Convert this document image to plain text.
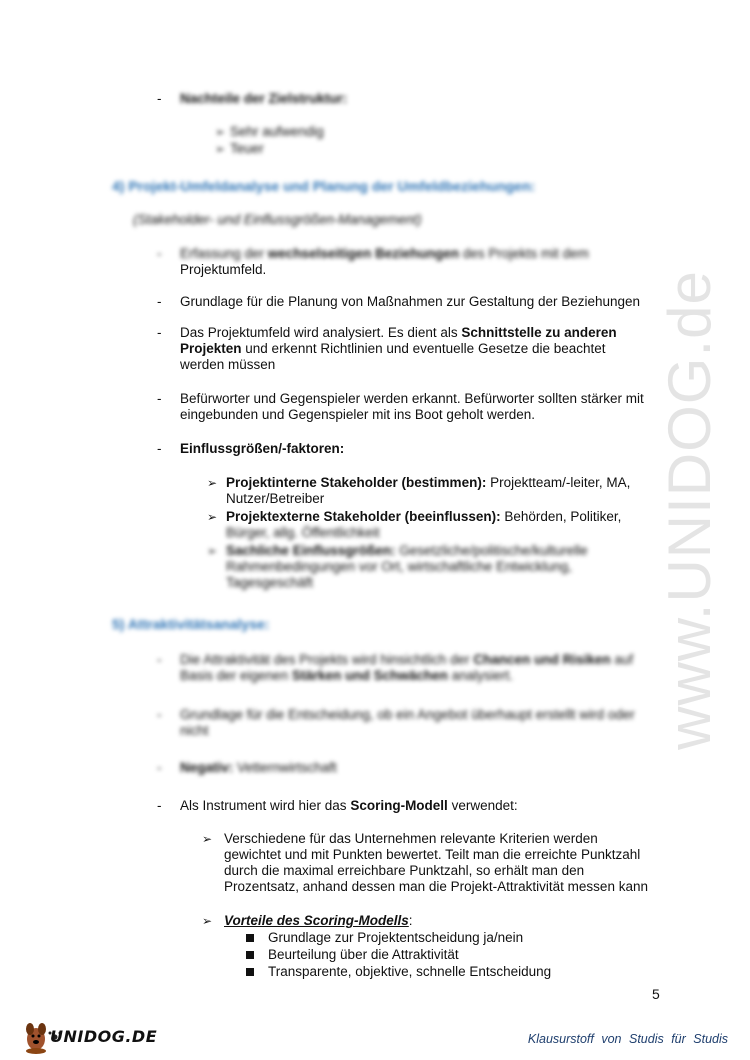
www.UNIDOG.de
-	Nachteile der Zielstruktur:
➢ Sehr aufwendig
➢ Teuer
4) Projekt-Umfeldanalyse und Planung der Umfeldbeziehungen:
(Stakeholder- und Einflussgrößen-Management)
-	Erfassung der wechselseitigen Beziehungen des Projekts mit dem
Projektumfeld.
-	Grundlage für die Planung von Maßnahmen zur Gestaltung der Beziehungen
-	Das Projektumfeld wird analysiert. Es dient als Schnittstelle zu anderen
Projekten und erkennt Richtlinien und eventuelle Gesetze die beachtet
werden müssen
-	Befürworter und Gegenspieler werden erkannt. Befürworter sollten stärker mit
eingebunden und Gegenspieler mit ins Boot geholt werden.
-	Einflussgrößen/-faktoren:
➢ Projektinterne Stakeholder (bestimmen): Projektteam/-leiter, MA,
Nutzer/Betreiber
➢ Projektexterne Stakeholder (beeinflussen): Behörden, Politiker,
Bürger, allg. Öffentlichkeit
➢ Sachliche Einflussgrößen: Gesetzliche/politische/kulturelle
Rahmenbedingungen vor Ort, wirtschaftliche Entwicklung,
Tagesgeschäft
5) Attraktivitätsanalyse:
-	Die Attraktivität des Projekts wird hinsichtlich der Chancen und Risiken auf
Basis der eigenen Stärken und Schwächen analysiert.
-	Grundlage für die Entscheidung, ob ein Angebot überhaupt erstellt wird oder
nicht
-	Negativ: Vetternwirtschaft
-	Als Instrument wird hier das Scoring-Modell verwendet:
➢ Verschiedene für das Unternehmen relevante Kriterien werden
gewichtet und mit Punkten bewertet. Teilt man die erreichte Punktzahl
durch die maximal erreichbare Punktzahl, so erhält man den
Prozentsatz, anhand dessen man die Projekt-Attraktivität messen kann
➢ Vorteile des Scoring-Modells:
Grundlage zur Projektentscheidung ja/nein
Beurteilung über die Attraktivität
Transparente, objektive, schnelle Entscheidung
5
UNIDOG.DE	Klausurstoff von Studis für Studis
